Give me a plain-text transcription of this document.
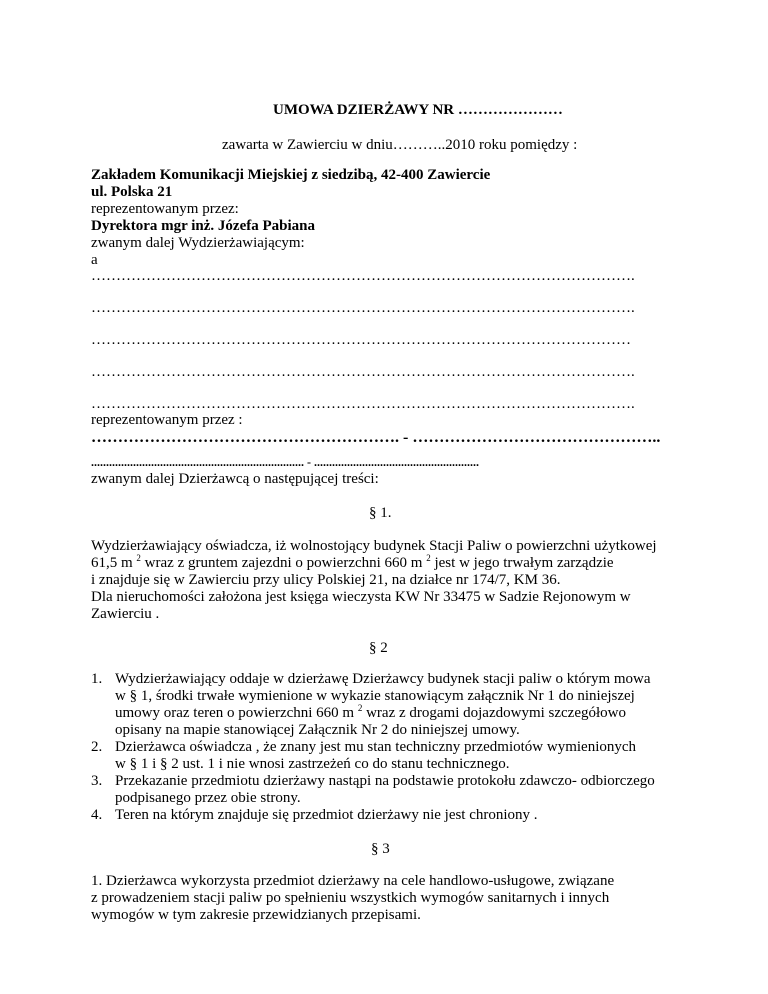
UMOWA DZIERŻAWY NR …………………
zawarta w Zawierciu w dniu………..2010 roku pomiędzy :
Zakładem Komunikacji Miejskiej z siedzibą, 42-400 Zawiercie
ul. Polska 21
reprezentowanym przez:
Dyrektora mgr inż. Józefa Pabiana
zwanym dalej Wydzierżawiającym:
a
……………………………………………………………………………………………….
……………………………………………………………………………………………….
………………………………………………………………………………………………
……………………………………………………………………………………………….
……………………………………………………………………………………………….
reprezentowanym przez :
…………………………………………………. - ………………………………………..
....................................................................... - .......................................................
zwanym dalej Dzierżawcą o następującej treści:
§ 1.
Wydzierżawiający oświadcza, iż wolnostojący budynek Stacji Paliw o powierzchni użytkowej
61,5 m $^2$ wraz z gruntem zajezdni o powierzchni 660 m $^2$ jest w jego trwałym zarządzie
i znajduje się w Zawierciu przy ulicy Polskiej 21, na działce nr 174/7, KM 36.
Dla nieruchomości założona jest księga wieczysta KW Nr 33475 w Sadzie Rejonowym w
Zawierciu .
§ 2
1. Wydzierżawiający oddaje w dzierżawę Dzierżawcy budynek stacji paliw o którym mowa
w § 1, środki trwałe wymienione w wykazie stanowiącym załącznik Nr 1 do niniejszej
umowy oraz teren o powierzchni 660 m $^2$ wraz z drogami dojazdowymi szczegółowo
opisany na mapie stanowiącej Załącznik Nr 2 do niniejszej umowy.
2. Dzierżawca oświadcza , że znany jest mu stan techniczny przedmiotów wymienionych
w § 1 i § 2 ust. 1 i nie wnosi zastrzeżeń co do stanu technicznego.
3. Przekazanie przedmiotu dzierżawy nastąpi na podstawie protokołu zdawczo- odbiorczego
podpisanego przez obie strony.
4. Teren na którym znajduje się przedmiot dzierżawy nie jest chroniony .
§ 3
1. Dzierżawca wykorzysta przedmiot dzierżawy na cele handlowo-usługowe, związane
z prowadzeniem stacji paliw po spełnieniu wszystkich wymogów sanitarnych i innych
wymogów w tym zakresie przewidzianych przepisami.
